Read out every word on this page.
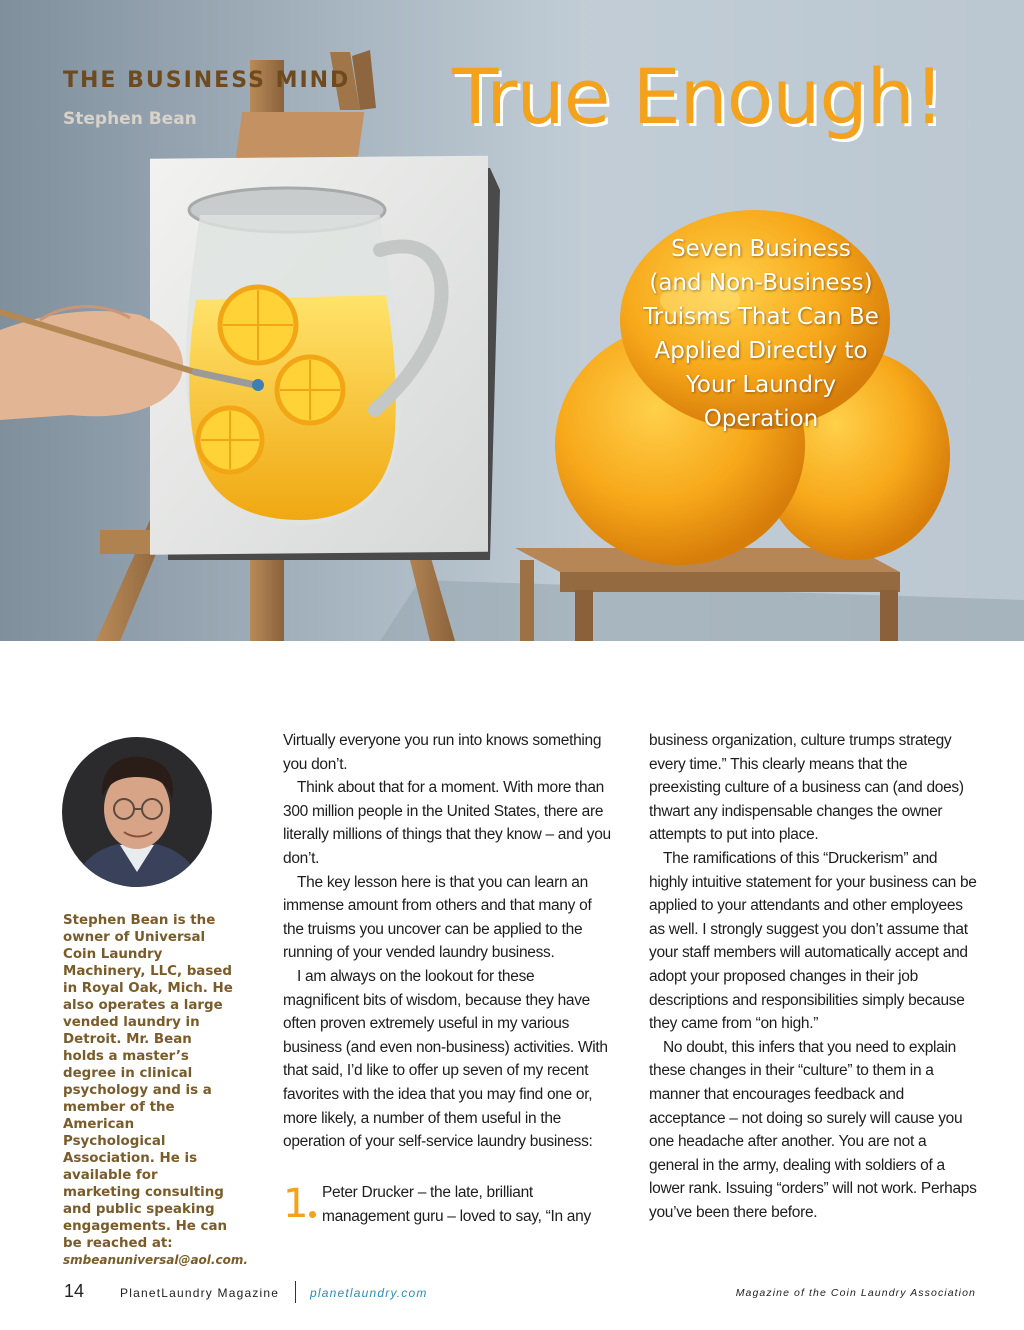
THE BUSINESS MIND
Stephen Bean	True Enough!
Seven Business
(and Non-Business)
Truisms That Can Be
Applied Directly to
Your Laundry
Operation
Stephen Bean is the owner of Universal Coin Laundry Machinery, LLC, based in Royal Oak, Mich. He also operates a large vended laundry in Detroit. Mr. Bean holds a master’s degree in clinical psychology and is a member of the American Psychological Association. He is available for marketing consulting and public speaking engagements. He can be reached at: smbeanuniversal@aol.com.

Virtually everyone you run into knows something you don’t.

Think about that for a moment. With more than 300 million people in the United States, there are literally millions of things that they know – and you don’t.

The key lesson here is that you can learn an immense amount from others and that many of the truisms you uncover can be applied to the running of your vended laundry business.

I am always on the lookout for these magnificent bits of wisdom, because they have often proven extremely useful in my various business (and even non-business) activities. With that said, I’d like to offer up seven of my recent favorites with the idea that you may find one or, more likely, a number of them useful in the operation of your self-service laundry business:

1 Peter Drucker – the late, brilliant management guru – loved to say, “In any

business organization, culture trumps strategy every time.” This clearly means that the preexisting culture of a business can (and does) thwart any indispensable changes the owner attempts to put into place.

The ramifications of this “Druckerism” and highly intuitive statement for your business can be applied to your attendants and other employees as well. I strongly suggest you don’t assume that your staff members will automatically accept and adopt your proposed changes in their job descriptions and responsibilities simply because they came from “on high.”

No doubt, this infers that you need to explain these changes in their “culture” to them in a manner that encourages feedback and acceptance – not doing so surely will cause you one headache after another. You are not a general in the army, dealing with soldiers of a lower rank. Issuing “orders” will not work. Perhaps you’ve been there before.

14	PlanetLaundry Magazine	planetlaundry.com	Magazine of the Coin Laundry Association
